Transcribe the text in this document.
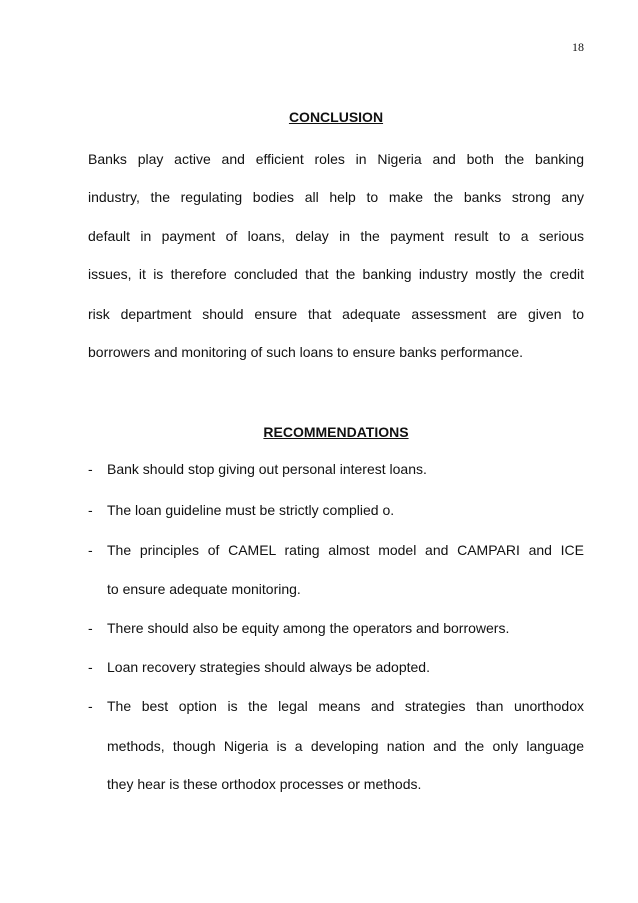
18
CONCLUSION
Banks play active and efficient roles in Nigeria and both the banking
industry, the regulating bodies all help to make the banks strong any
default in payment of loans, delay in the payment result to a serious
issues, it is therefore concluded that the banking industry mostly the credit
risk department should ensure that adequate assessment are given to
borrowers and monitoring of such loans to ensure banks performance.
RECOMMENDATIONS
- Bank should stop giving out personal interest loans.
- The loan guideline must be strictly complied o.
- The principles of CAMEL rating almost model and CAMPARI and ICE
to ensure adequate monitoring.
- There should also be equity among the operators and borrowers.
- Loan recovery strategies should always be adopted.
- The best option is the legal means and strategies than unorthodox
methods, though Nigeria is a developing nation and the only language
they hear is these orthodox processes or methods.
